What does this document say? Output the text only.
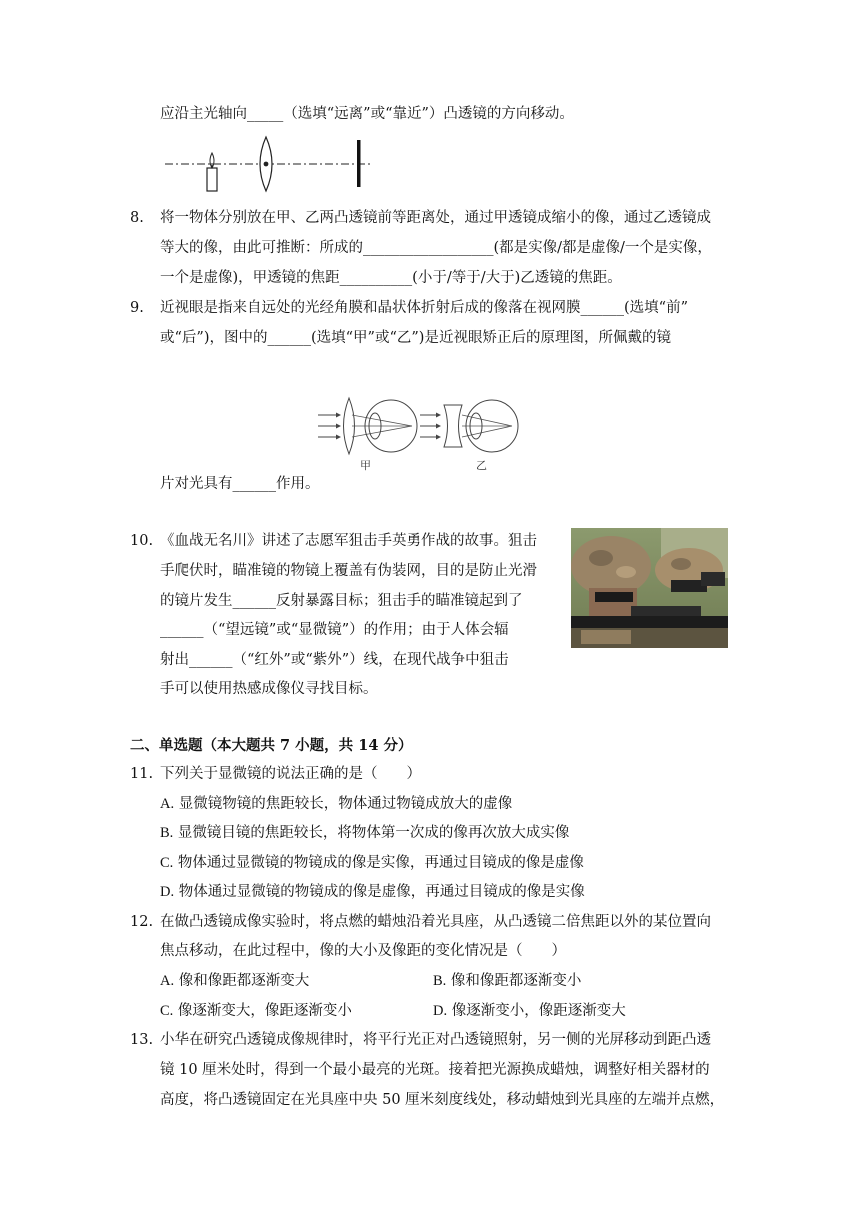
应沿主光轴向_____（选填“远离”或“靠近”）凸透镜的方向移动。
8. 将一物体分别放在甲、乙两凸透镜前等距离处，通过甲透镜成缩小的像，通过乙透镜成
等大的像，由此可推断：所成的__________________(都是实像/都是虚像/一个是实像，
一个是虚像)，甲透镜的焦距__________(小于/等于/大于)乙透镜的焦距。
9. 近视眼是指来自远处的光经角膜和晶状体折射后成的像落在视网膜______(选填“前”
或“后”)，图中的______(选填“甲”或“乙”)是近视眼矫正后的原理图，所佩戴的镜
甲	乙
片对光具有______作用。
10. 《血战无名川》讲述了志愿军狙击手英勇作战的故事。狙击
手爬伏时，瞄准镜的物镜上覆盖有伪装网，目的是防止光滑
的镜片发生______反射暴露目标；狙击手的瞄准镜起到了
______（“望远镜”或“显微镜”）的作用；由于人体会辐
射出______（“红外”或“紫外”）线，在现代战争中狙击
手可以使用热感成像仪寻找目标。
二、单选题（本大题共 7 小题，共 14 分）
11. 下列关于显微镜的说法正确的是（　　）
A. 显微镜物镜的焦距较长，物体通过物镜成放大的虚像
B. 显微镜目镜的焦距较长，将物体第一次成的像再次放大成实像
C. 物体通过显微镜的物镜成的像是实像，再通过目镜成的像是虚像
D. 物体通过显微镜的物镜成的像是虚像，再通过目镜成的像是实像
12. 在做凸透镜成像实验时，将点燃的蜡烛沿着光具座，从凸透镜二倍焦距以外的某位置向
焦点移动，在此过程中，像的大小及像距的变化情况是（　　）
A. 像和像距都逐渐变大	B. 像和像距都逐渐变小
C. 像逐渐变大，像距逐渐变小	D. 像逐渐变小，像距逐渐变大
13. 小华在研究凸透镜成像规律时，将平行光正对凸透镜照射，另一侧的光屏移动到距凸透
镜 10 厘米处时，得到一个最小最亮的光斑。接着把光源换成蜡烛，调整好相关器材的
高度，将凸透镜固定在光具座中央 50 厘米刻度线处，移动蜡烛到光具座的左端并点燃，
